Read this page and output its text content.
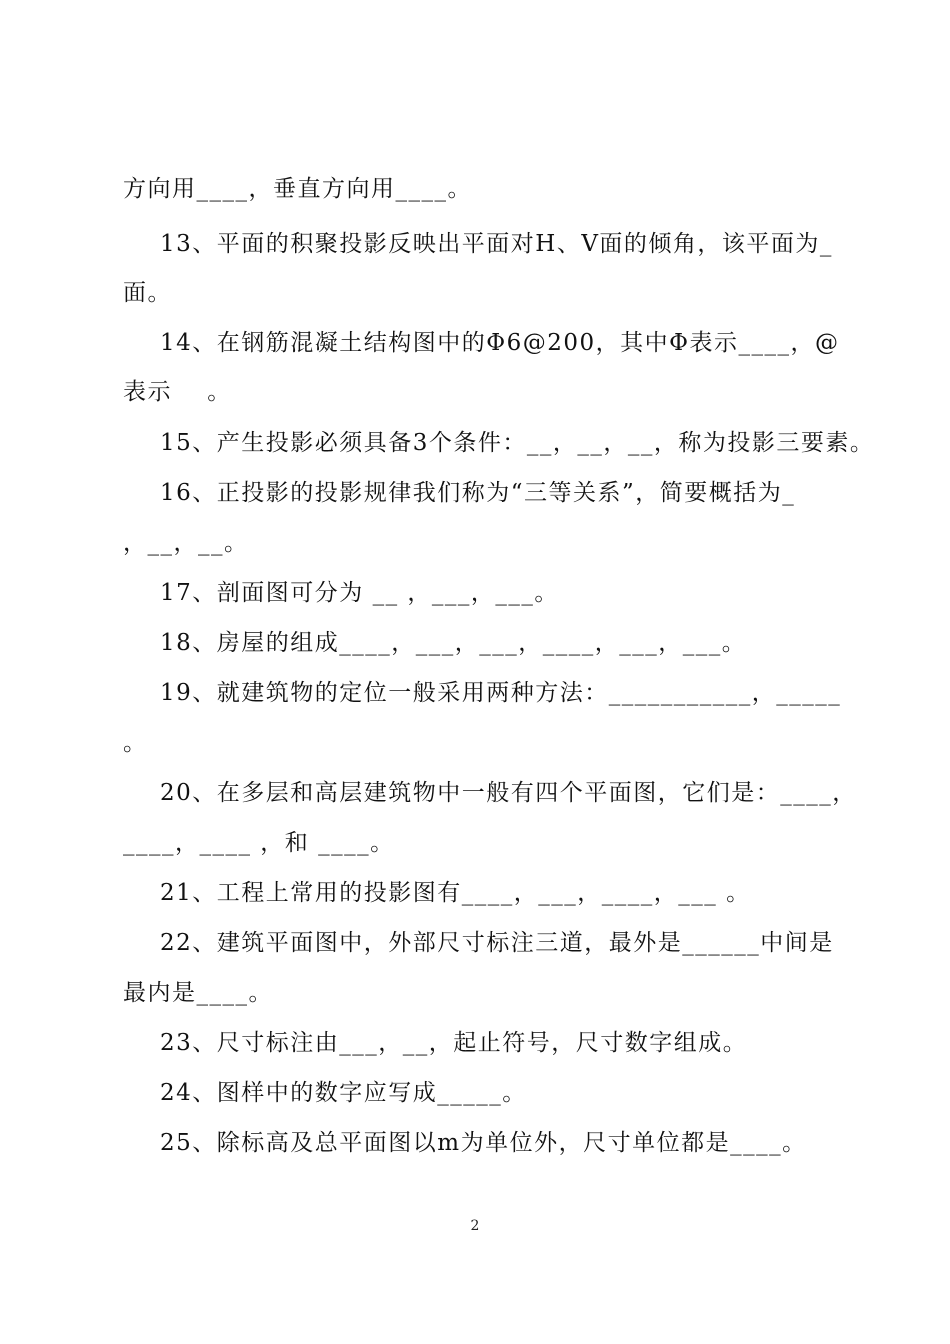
方向用____，垂直方向用____。
13、平面的积聚投影反映出平面对H、V面的倾角，该平面为_
面。
14、在钢筋混凝土结构图中的Φ6@200，其中Φ表示____，@
表示    。
15、产生投影必须具备3个条件：__，__，__，称为投影三要素。
16、正投影的投影规律我们称为“三等关系”，简要概括为_
，__，__。
17、剖面图可分为 __ ，___，___。
18、房屋的组成____，___，___，____，___，___。
19、就建筑物的定位一般采用两种方法：___________，_____
。
20、在多层和高层建筑物中一般有四个平面图，它们是：____，
____，____ ，和 ____。
21、工程上常用的投影图有____，___，____，___ 。
22、建筑平面图中，外部尺寸标注三道，最外是______中间是
最内是____。
23、尺寸标注由___，__，起止符号，尺寸数字组成。
24、图样中的数字应写成_____。
25、除标高及总平面图以m为单位外，尺寸单位都是____。
2
